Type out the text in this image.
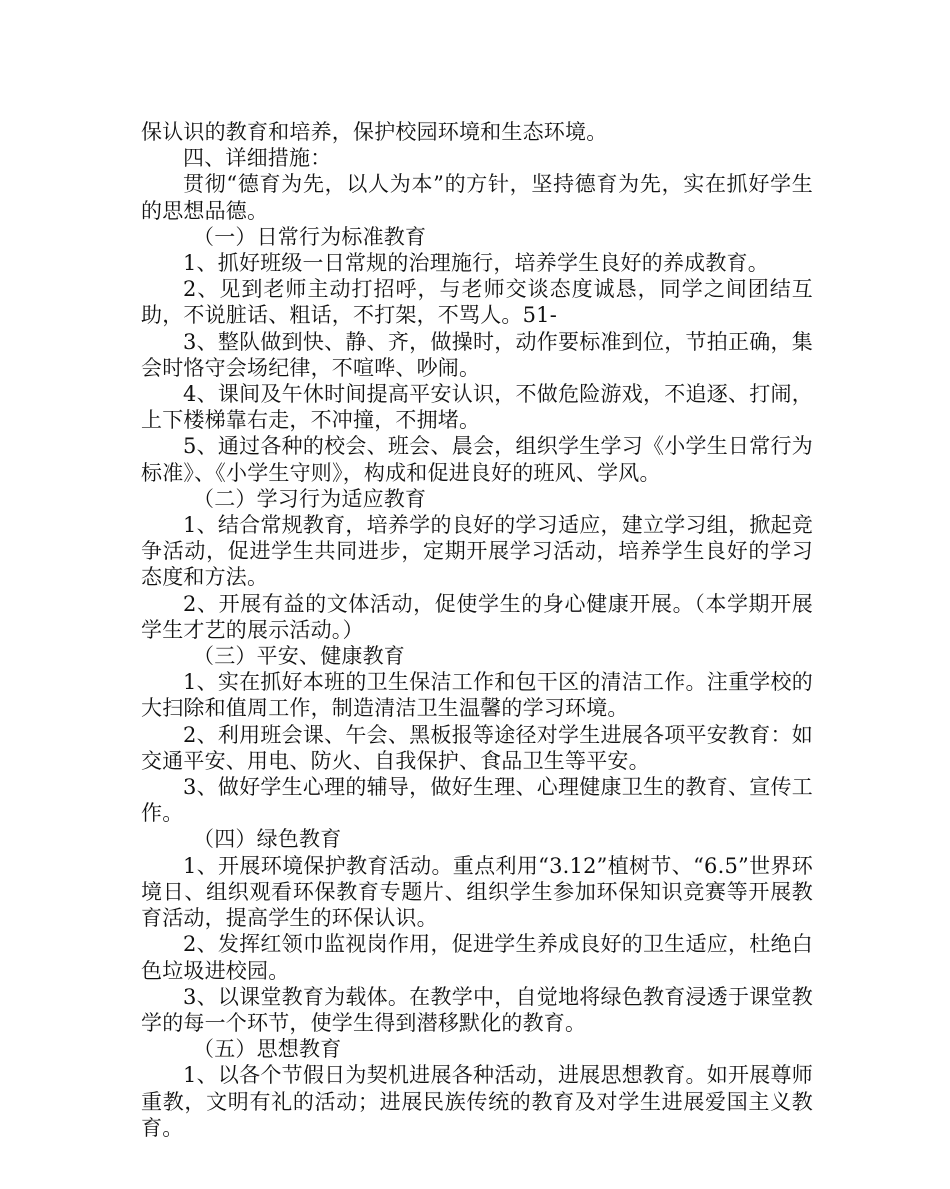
保认识的教育和培养，保护校园环境和生态环境。

四、详细措施：

贯彻“德育为先，以人为本”的方针，坚持德育为先，实在抓好学生的思想品德。

（一）日常行为标准教育

1、抓好班级一日常规的治理施行，培养学生良好的养成教育。

2、见到老师主动打招呼，与老师交谈态度诚恳，同学之间团结互助，不说脏话、粗话，不打架，不骂人。51-

3、整队做到快、静、齐，做操时，动作要标准到位，节拍正确，集会时恪守会场纪律，不喧哗、吵闹。

4、课间及午休时间提高平安认识，不做危险游戏，不追逐、打闹，上下楼梯靠右走，不冲撞，不拥堵。

5、通过各种的校会、班会、晨会，组织学生学习《小学生日常行为标准》、《小学生守则》，构成和促进良好的班风、学风。

（二）学习行为适应教育

1、结合常规教育，培养学的良好的学习适应，建立学习组，掀起竞争活动，促进学生共同进步，定期开展学习活动，培养学生良好的学习态度和方法。

2、开展有益的文体活动，促使学生的身心健康开展。（本学期开展学生才艺的展示活动。）

（三）平安、健康教育

1、实在抓好本班的卫生保洁工作和包干区的清洁工作。注重学校的大扫除和值周工作，制造清洁卫生温馨的学习环境。

2、利用班会课、午会、黑板报等途径对学生进展各项平安教育：如交通平安、用电、防火、自我保护、食品卫生等平安。

3、做好学生心理的辅导，做好生理、心理健康卫生的教育、宣传工作。

（四）绿色教育

1、开展环境保护教育活动。重点利用“3.12”植树节、“6.5”世界环境日、组织观看环保教育专题片、组织学生参加环保知识竞赛等开展教育活动，提高学生的环保认识。

2、发挥红领巾监视岗作用，促进学生养成良好的卫生适应，杜绝白色垃圾进校园。

3、以课堂教育为载体。在教学中，自觉地将绿色教育浸透于课堂教学的每一个环节，使学生得到潜移默化的教育。

（五）思想教育

1、以各个节假日为契机进展各种活动，进展思想教育。如开展尊师重教，文明有礼的活动；进展民族传统的教育及对学生进展爱国主义教育。
